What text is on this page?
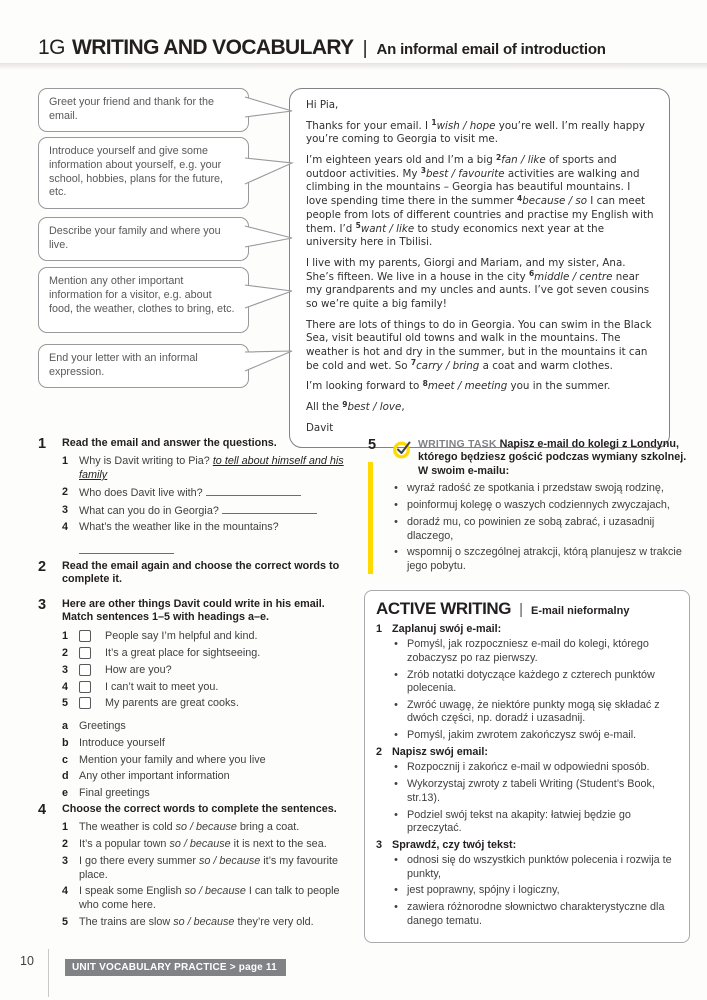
1G WRITING AND VOCABULARY | An informal email of introduction
Greet your friend and thank for the email.
Introduce yourself and give some information about yourself, e.g. your school, hobbies, plans for the future, etc.
Describe your family and where you live.
Mention any other important information for a visitor, e.g. about food, the weather, clothes to bring, etc.
End your letter with an informal expression.

Hi Pia,

Thanks for your email. I $^1$wish / hope you’re well. I’m really happy you’re coming to Georgia to visit me.

I’m eighteen years old and I’m a big $^2$fan / like of sports and outdoor activities. My $^3$best / favourite activities are walking and climbing in the mountains – Georgia has beautiful mountains. I love spending time there in the summer $^4$because / so I can meet people from lots of different countries and practise my English with them. I’d $^5$want / like to study economics next year at the university here in Tbilisi.

I live with my parents, Giorgi and Mariam, and my sister, Ana. She’s fifteen. We live in a house in the city $^6$middle / centre near my grandparents and my uncles and aunts. I’ve got seven cousins so we’re quite a big family!

There are lots of things to do in Georgia. You can swim in the Black Sea, visit beautiful old towns and walk in the mountains. The weather is hot and dry in the summer, but in the mountains it can be cold and wet. So $^7$carry / bring a coat and warm clothes.

I’m looking forward to $^8$meet / meeting you in the summer.

All the $^9$best / love,

Davit

1	Read the email and answer the questions.
1	Why is Davit writing to Pia? to tell about himself and his family
2	Who does Davit live with?
3	What can you do in Georgia?
4	What’s the weather like in the mountains?

2	Read the email again and choose the correct words to complete it.
3	Here are other things Davit could write in his email. Match sentences 1–5 with headings a–e.
1	People say I’m helpful and kind.
2	It’s a great place for sightseeing.
3	How are you?
4	I can’t wait to meet you.
5	My parents are great cooks.
a	Greetings
b Introduce yourself
c	Mention your family and where you live
d Any other important information
e	Final greetings
4	Choose the correct words to complete the sentences.
1	The weather is cold so / because bring a coat.
2	It’s a popular town so / because it is next to the sea.
3	I go there every summer so / because it’s my favourite place.
4	I speak some English so / because I can talk to people who come here.
5	The trains are slow so / because they’re very old.
5	WRITING TASK Napisz e-mail do kolegi z Londynu, którego będziesz gościć podczas wymiany szkolnej. W swoim e-mailu:
• wyraź radość ze spotkania i przedstaw swoją rodzinę,
• poinformuj kolegę o waszych codziennych zwyczajach,
• doradź mu, co powinien ze sobą zabrać, i uzasadnij dlaczego,
• wspomnij o szczególnej atrakcji, którą planujesz w trakcie jego pobytu.
ACTIVE WRITING | E-mail nieformalny
1 Zaplanuj swój e-mail:
• Pomyśl, jak rozpoczniesz e-mail do kolegi, którego zobaczysz po raz pierwszy.
• Zrób notatki dotyczące każdego z czterech punktów polecenia.
• Zwróć uwagę, że niektóre punkty mogą się składać z dwóch części, np. doradź i uzasadnij.
• Pomyśl, jakim zwrotem zakończysz swój e-mail.
2 Napisz swój email:
• Rozpocznij i zakończ e-mail w odpowiedni sposób.
• Wykorzystaj zwroty z tabeli Writing (Student’s Book, str.13).
• Podziel swój tekst na akapity: łatwiej będzie go przeczytać.
3 Sprawdź, czy twój tekst:
• odnosi się do wszystkich punktów polecenia i rozwija te punkty,
• jest poprawny, spójny i logiczny,
• zawiera różnorodne słownictwo charakterystyczne dla danego tematu.
10	UNIT VOCABULARY PRACTICE > page 11
